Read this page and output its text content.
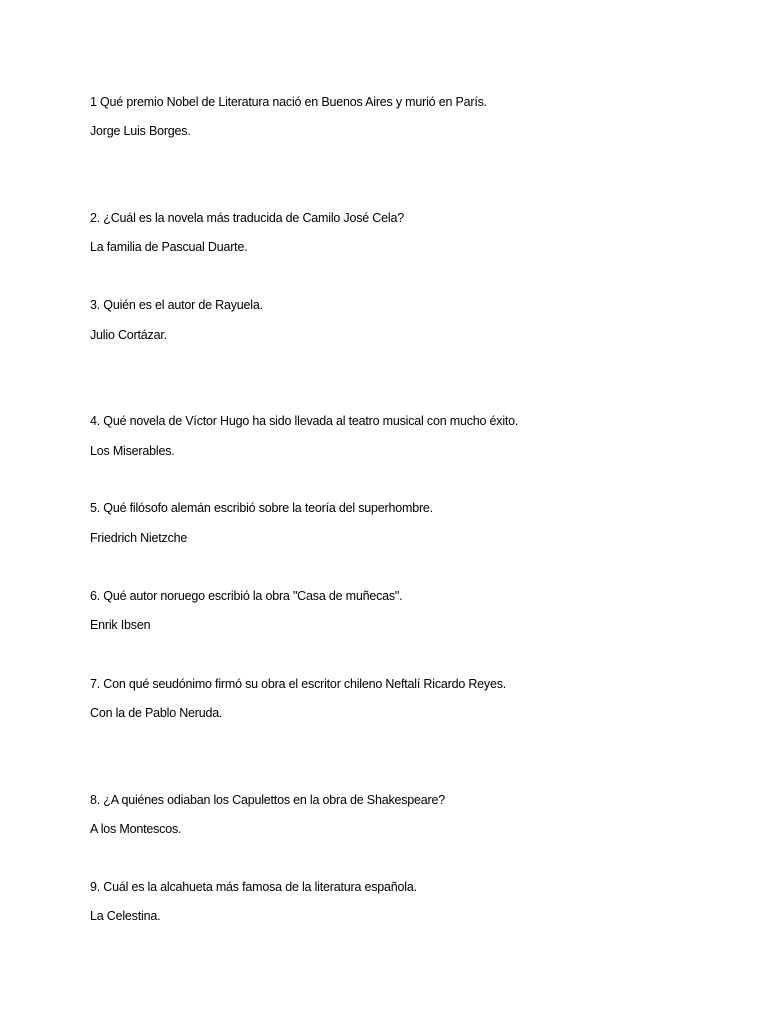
1 Qué premio Nobel de Literatura nació en Buenos Aires y murió en París.
Jorge Luis Borges.
2. ¿Cuál es la novela más traducida de Camilo José Cela?
La familia de Pascual Duarte.
3. Quién es el autor de Rayuela.
Julio Cortázar.
4. Qué novela de Víctor Hugo ha sido llevada al teatro musical con mucho éxito.
Los Miserables.
5. Qué filósofo alemán escribió sobre la teoría del superhombre.
Friedrich Nietzche
6. Qué autor noruego escribió la obra "Casa de muñecas".
Enrik Ibsen
7. Con qué seudónimo firmó su obra el escritor chileno Neftalí Ricardo Reyes.
Con la de Pablo Neruda.
8. ¿A quiénes odiaban los Capulettos en la obra de Shakespeare?
A los Montescos.
9. Cuál es la alcahueta más famosa de la literatura española.
La Celestina.
